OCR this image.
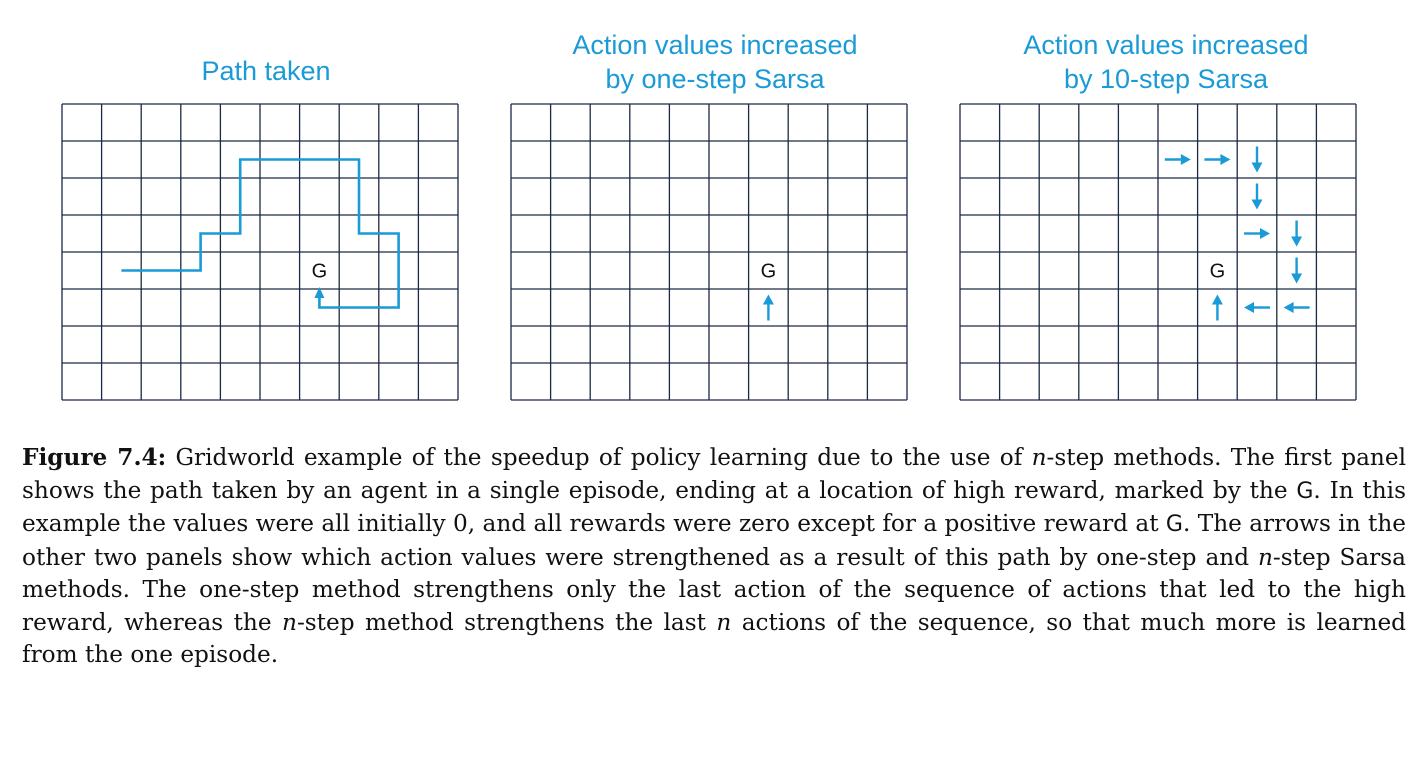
Path taken
Action values increased
by one-step Sarsa
Action values increased
by 10-step Sarsa
G	G	G
Figure 7.4: Gridworld example of the speedup of policy learning due to the use of n-step methods. The first panel shows the path taken by an agent in a single episode, ending at a location of high reward, marked by the G. In this example the values were all initially 0, and all rewards were zero except for a positive reward at G. The arrows in the other two panels show which action values were strengthened as a result of this path by one-step and n-step Sarsa methods. The one-step method strengthens only the last action of the sequence of actions that led to the high reward, whereas the n-step method strengthens the last n actions of the sequence, so that much more is learned from the one episode.
